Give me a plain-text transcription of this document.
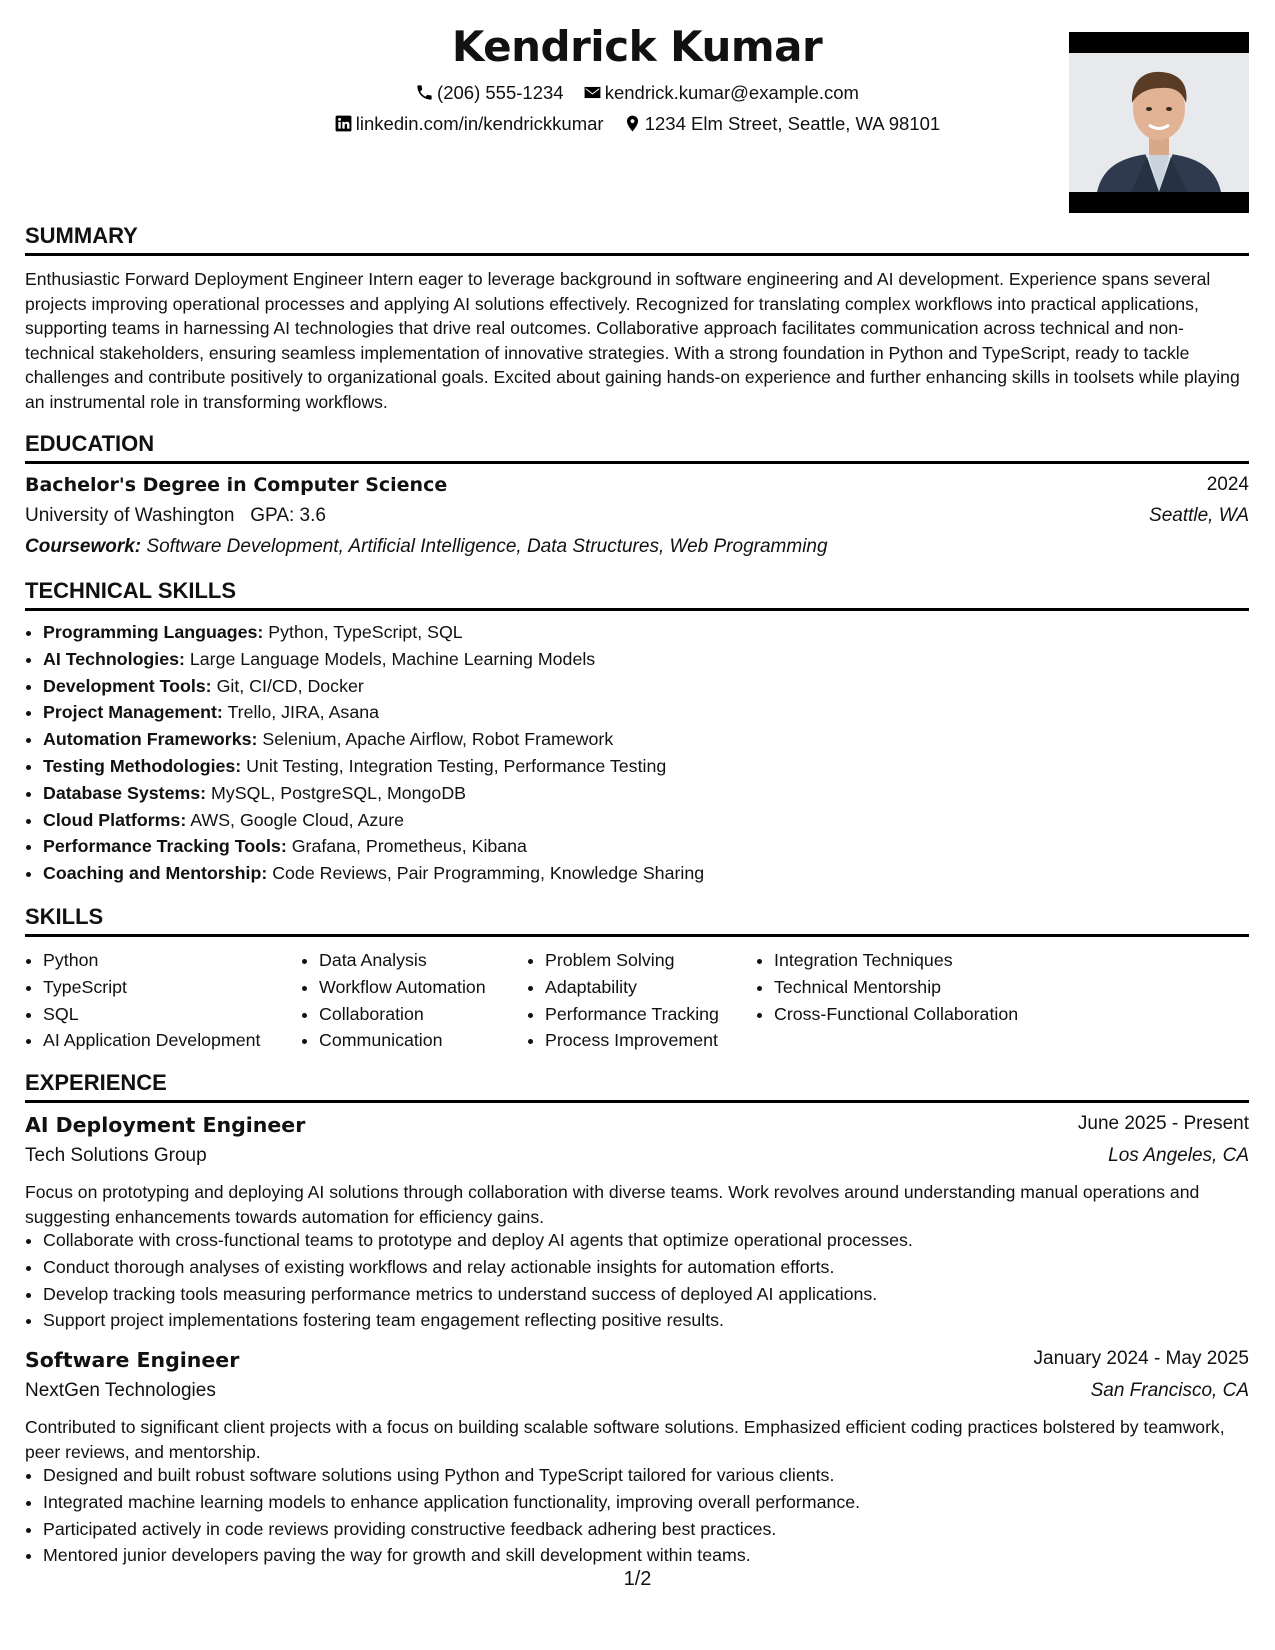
Kendrick Kumar
(206) 555-1234 kendrick.kumar@example.com
linkedin.com/in/kendrickkumar 1234 Elm Street, Seattle, WA 98101
SUMMARY
Enthusiastic Forward Deployment Engineer Intern eager to leverage background in software engineering and AI development. Experience spans several projects improving operational processes and applying AI solutions effectively. Recognized for translating complex workflows into practical applications, supporting teams in harnessing AI technologies that drive real outcomes. Collaborative approach facilitates communication across technical and non-technical stakeholders, ensuring seamless implementation of innovative strategies. With a strong foundation in Python and TypeScript, ready to tackle challenges and contribute positively to organizational goals. Excited about gaining hands-on experience and further enhancing skills in toolsets while playing an instrumental role in transforming workflows.
EDUCATION
Bachelor's Degree in Computer Science	2024
University of Washington GPA: 3.6	Seattle, WA
Coursework: Software Development, Artificial Intelligence, Data Structures, Web Programming
TECHNICAL SKILLS
• Programming Languages: Python, TypeScript, SQL
• AI Technologies: Large Language Models, Machine Learning Models
• Development Tools: Git, CI/CD, Docker
• Project Management: Trello, JIRA, Asana
• Automation Frameworks: Selenium, Apache Airflow, Robot Framework
• Testing Methodologies: Unit Testing, Integration Testing, Performance Testing
• Database Systems: MySQL, PostgreSQL, MongoDB
• Cloud Platforms: AWS, Google Cloud, Azure
• Performance Tracking Tools: Grafana, Prometheus, Kibana
• Coaching and Mentorship: Code Reviews, Pair Programming, Knowledge Sharing
SKILLS
• Python
• TypeScript
• SQL
• AI Application Development
• Data Analysis
• Workflow Automation
• Collaboration
• Communication
• Problem Solving
• Adaptability
• Performance Tracking
• Process Improvement
• Integration Techniques
• Technical Mentorship
• Cross-Functional Collaboration
EXPERIENCE
AI Deployment Engineer	June 2025 - Present
Tech Solutions Group	Los Angeles, CA
Focus on prototyping and deploying AI solutions through collaboration with diverse teams. Work revolves around understanding manual operations and suggesting enhancements towards automation for efficiency gains.
• Collaborate with cross-functional teams to prototype and deploy AI agents that optimize operational processes.
• Conduct thorough analyses of existing workflows and relay actionable insights for automation efforts.
• Develop tracking tools measuring performance metrics to understand success of deployed AI applications.
• Support project implementations fostering team engagement reflecting positive results.
Software Engineer	January 2024 - May 2025
NextGen Technologies	San Francisco, CA
Contributed to significant client projects with a focus on building scalable software solutions. Emphasized efficient coding practices bolstered by teamwork, peer reviews, and mentorship.
• Designed and built robust software solutions using Python and TypeScript tailored for various clients.
• Integrated machine learning models to enhance application functionality, improving overall performance.
• Participated actively in code reviews providing constructive feedback adhering best practices.
• Mentored junior developers paving the way for growth and skill development within teams.
1/2
